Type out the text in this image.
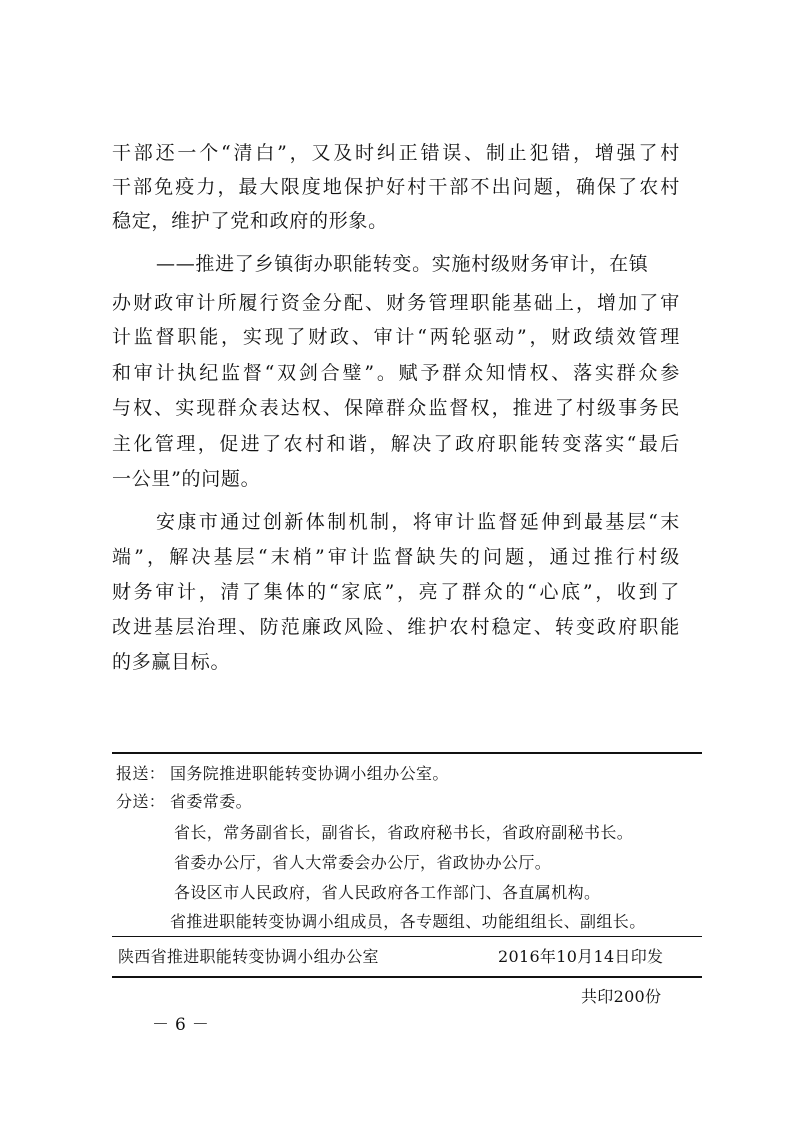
干部还一个“清白”，又及时纠正错误、制止犯错，增强了村
干部免疫力，最大限度地保护好村干部不出问题，确保了农村
稳定，维护了党和政府的形象。
——推进了乡镇街办职能转变。实施村级财务审计，在镇
办财政审计所履行资金分配、财务管理职能基础上，增加了审
计监督职能，实现了财政、审计“两轮驱动”，财政绩效管理
和审计执纪监督“双剑合璧”。赋予群众知情权、落实群众参
与权、实现群众表达权、保障群众监督权，推进了村级事务民
主化管理，促进了农村和谐，解决了政府职能转变落实“最后
一公里”的问题。
安康市通过创新体制机制，将审计监督延伸到最基层“末
端”，解决基层“末梢”审计监督缺失的问题，通过推行村级
财务审计，清了集体的“家底”，亮了群众的“心底”，收到了
改进基层治理、防范廉政风险、维护农村稳定、转变政府职能
的多赢目标。
报送： 国务院推进职能转变协调小组办公室。
分送： 省委常委。
省长，常务副省长，副省长，省政府秘书长，省政府副秘书长。
省委办公厅，省人大常委会办公厅，省政协办公厅。
各设区市人民政府，省人民政府各工作部门、各直属机构。
省推进职能转变协调小组成员，各专题组、功能组组长、副组长。
陕西省推进职能转变协调小组办公室	2016年10月14日印发
共印200份
－ 6 －
